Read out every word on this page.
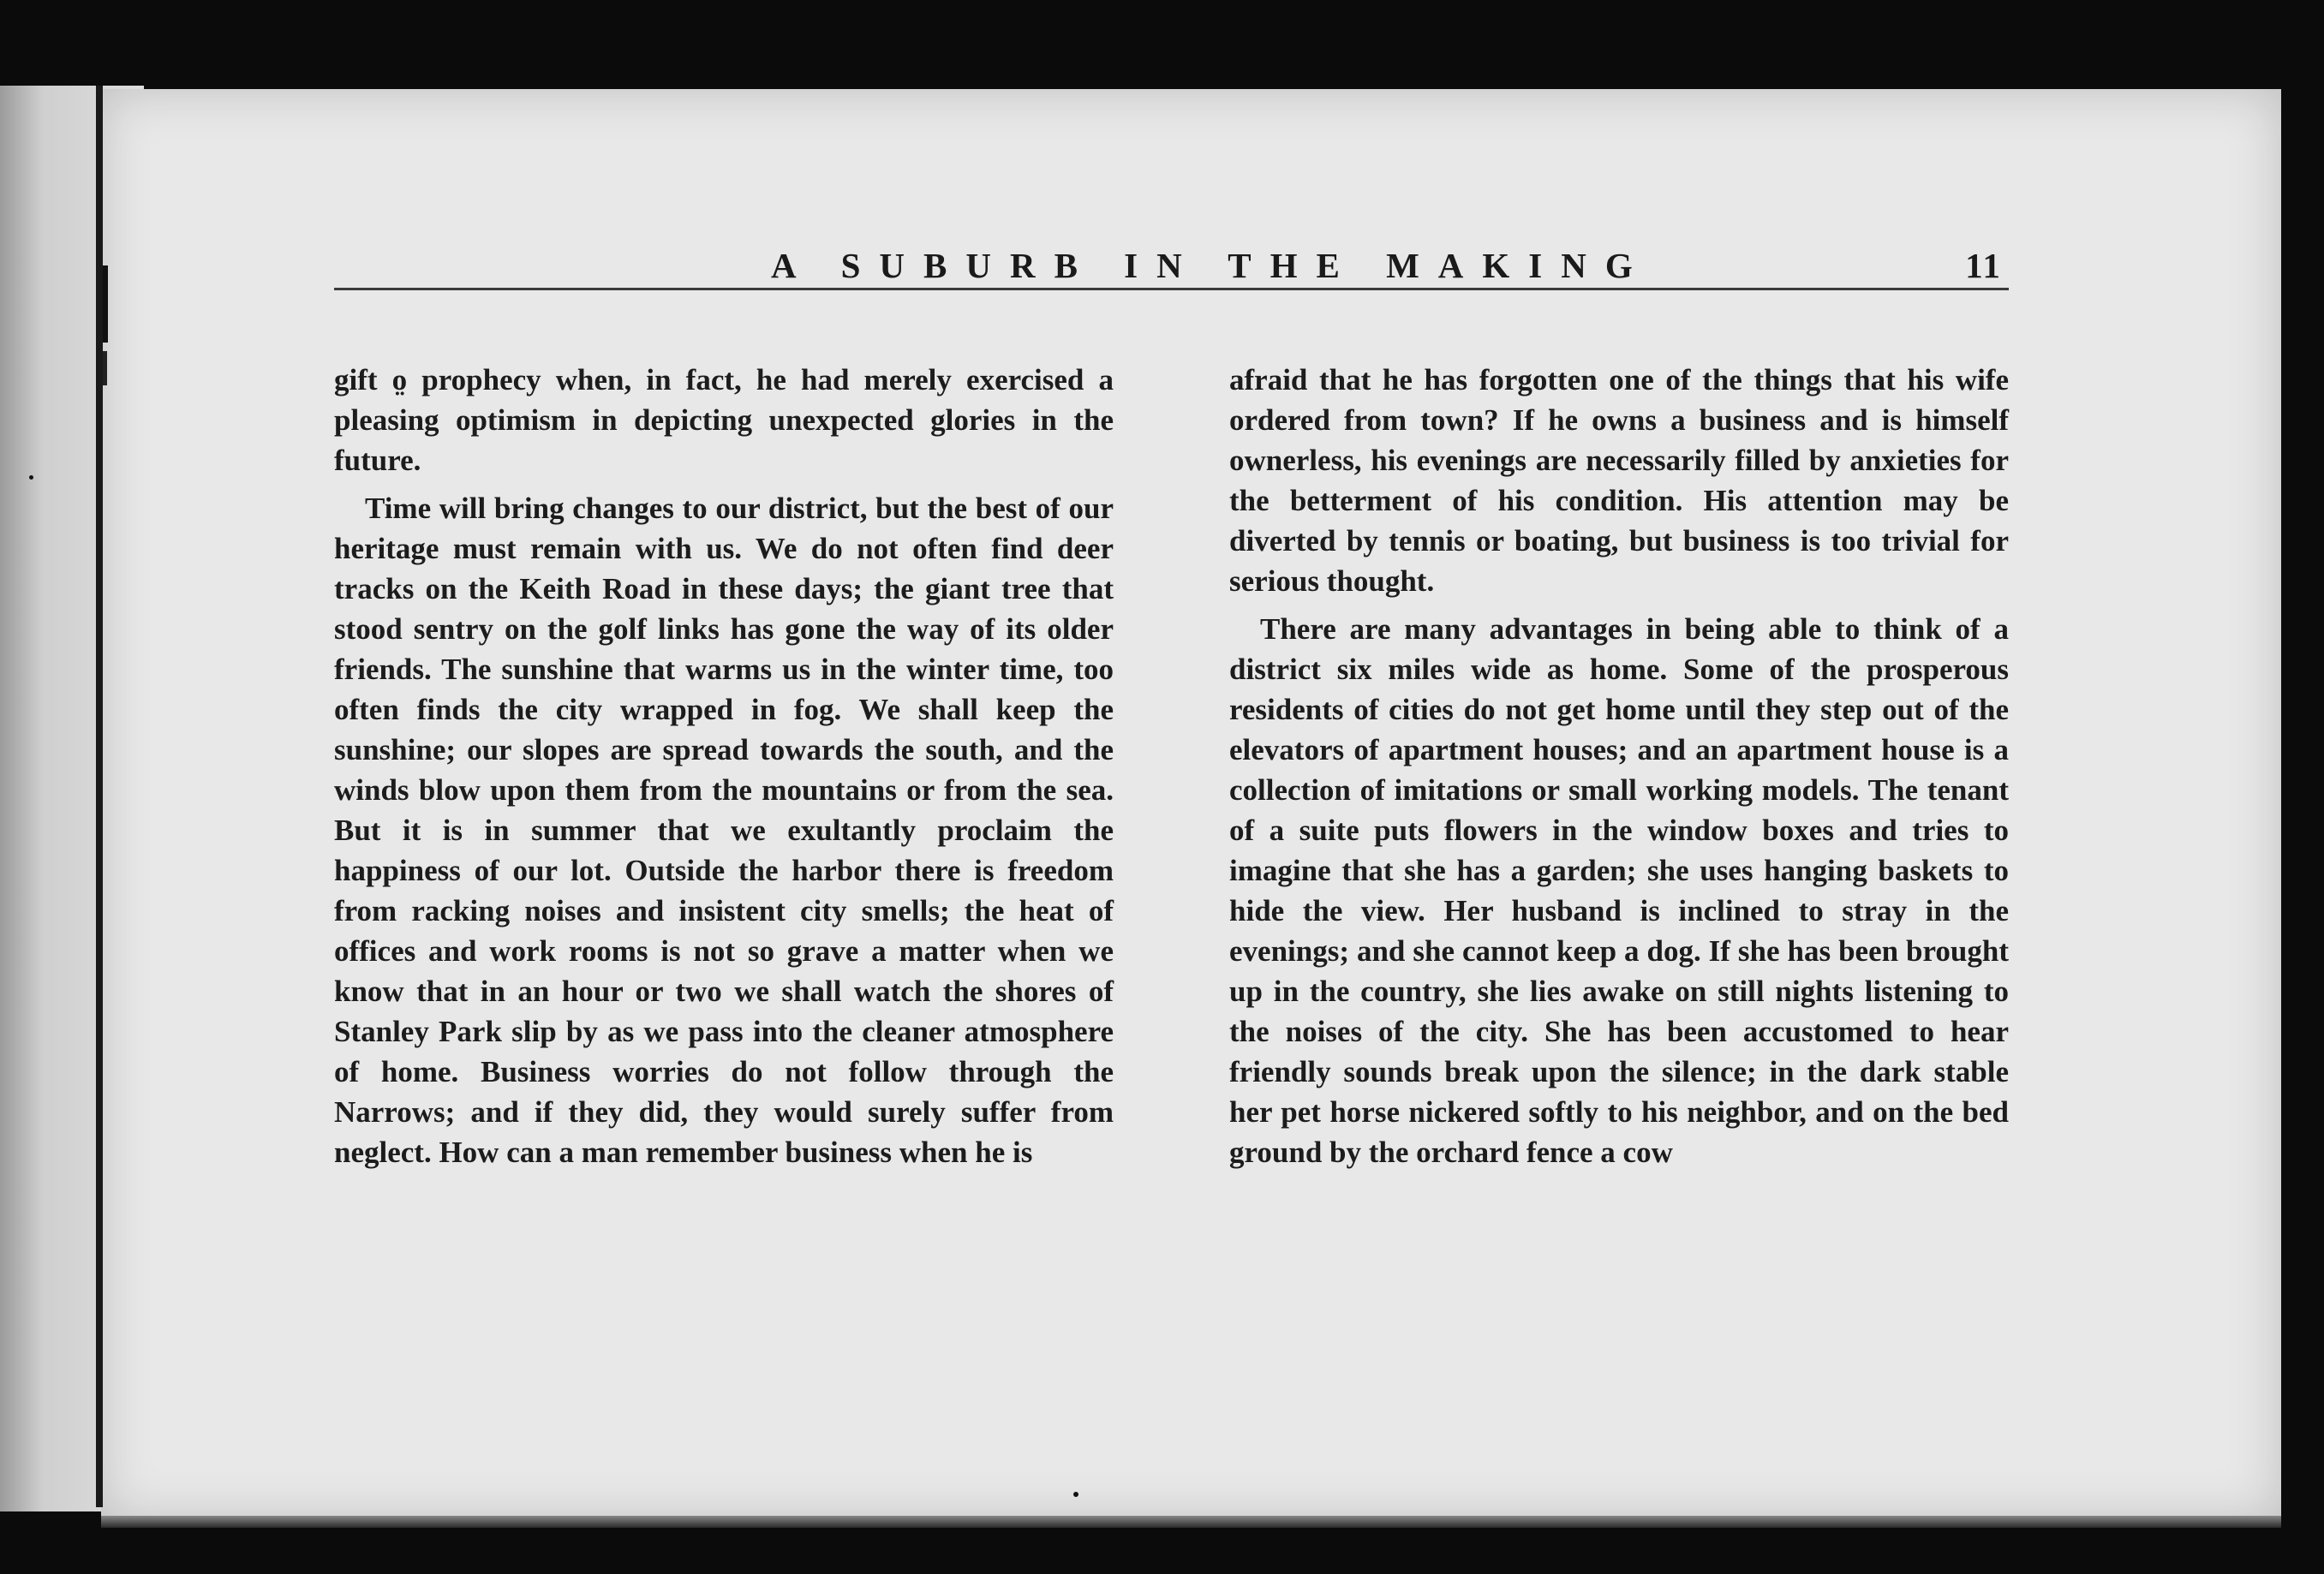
A SUBURB IN THE MAKING	11

gift o̤ prophecy when, in fact, he had merely exercised a pleasing optimism in depicting unexpected glories in the future.

Time will bring changes to our district, but the best of our heritage must remain with us. We do not often find deer tracks on the Keith Road in these days; the giant tree that stood sentry on the golf links has gone the way of its older friends. The sunshine that warms us in the winter time, too often finds the city wrapped in fog. We shall keep the sunshine; our slopes are spread towards the south, and the winds blow upon them from the mountains or from the sea. But it is in summer that we exultantly proclaim the happiness of our lot. Outside the harbor there is freedom from racking noises and insistent city smells; the heat of offices and work rooms is not so grave a matter when we know that in an hour or two we shall watch the shores of Stanley Park slip by as we pass into the cleaner atmosphere of home. Business worries do not follow through the Narrows; and if they did, they would surely suffer from neglect. How can a man remember business when he is

afraid that he has forgotten one of the things that his wife ordered from town? If he owns a business and is himself ownerless, his evenings are necessarily filled by anxieties for the betterment of his condition. His attention may be diverted by tennis or boating, but business is too trivial for serious thought.

There are many advantages in being able to think of a district six miles wide as home. Some of the prosperous residents of cities do not get home until they step out of the elevators of apartment houses; and an apartment house is a collection of imitations or small working models. The tenant of a suite puts flowers in the window boxes and tries to imagine that she has a garden; she uses hanging baskets to hide the view. Her husband is inclined to stray in the evenings; and she cannot keep a dog. If she has been brought up in the country, she lies awake on still nights listening to the noises of the city. She has been accustomed to hear friendly sounds break upon the silence; in the dark stable her pet horse nickered softly to his neighbor, and on the bed ground by the orchard fence a cow
